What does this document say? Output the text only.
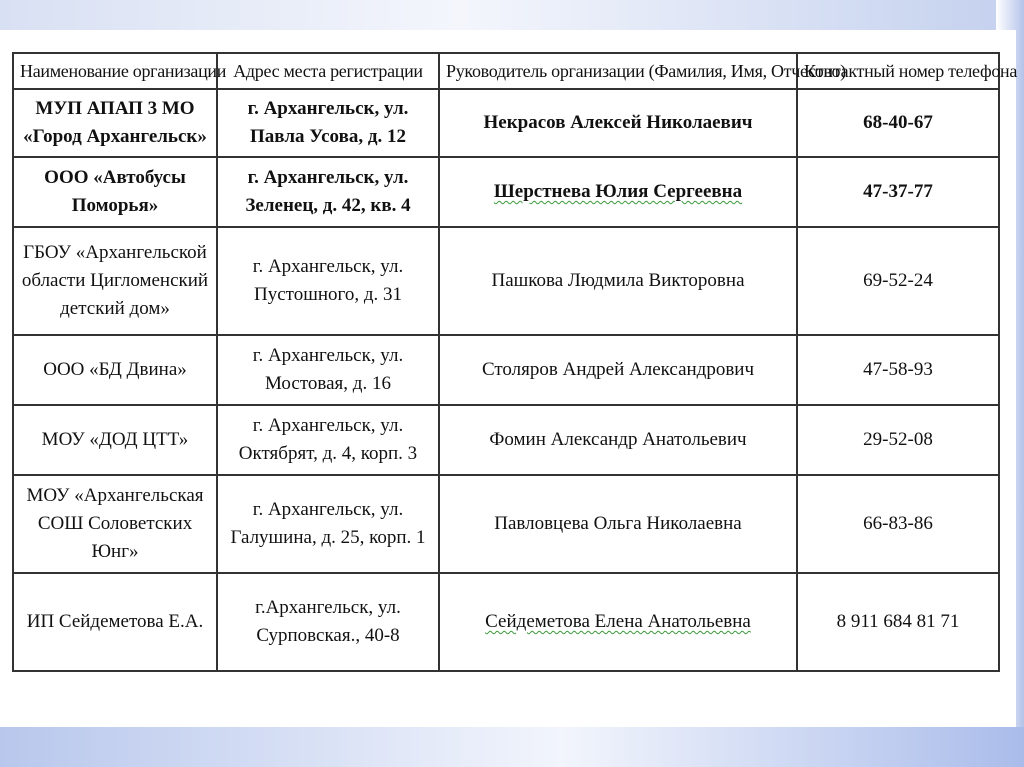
Наименование организации	Адрес места регистрации	Руководитель организации (Фамилия, Имя, Отчество)	Контактный номер телефона
МУП АПАП 3 МО «Город Архангельск»	г. Архангельск, ул. Павла Усова, д. 12	Некрасов Алексей Николаевич	68-40-67
ООО «Автобусы Поморья»	г. Архангельск, ул. Зеленец, д. 42, кв. 4	Шерстнева Юлия Сергеевна	47-37-77
ГБОУ «Архангельской области Цигломенский детский дом»	г. Архангельск, ул. Пустошного, д. 31	Пашкова Людмила Викторовна	69-52-24
ООО «БД Двина»	г. Архангельск, ул. Мостовая, д. 16	Столяров Андрей Александрович	47-58-93
МОУ «ДОД ЦТТ»	г. Архангельск, ул. Октябрят, д. 4, корп. 3	Фомин Александр Анатольевич	29-52-08
МОУ «Архангельская СОШ Соловетских Юнг»	г. Архангельск, ул. Галушина, д. 25, корп. 1	Павловцева Ольга Николаевна	66-83-86
ИП Сейдеметова Е.А.	г.Архангельск, ул. Сурповская., 40-8	Сейдеметова Елена Анатольевна	8 911 684 81 71
